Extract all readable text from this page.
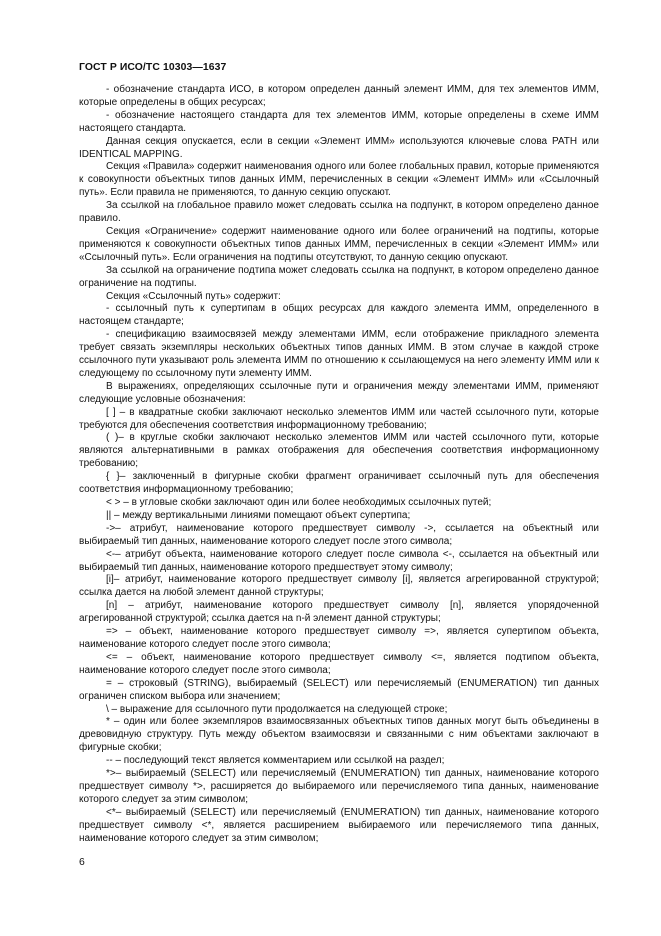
ГОСТ Р ИСО/ТС 10303—1637

- обозначение стандарта ИСО, в котором определен данный элемент ИММ, для тех элементов ИММ, которые определены в общих ресурсах;

- обозначение настоящего стандарта для тех элементов ИММ, которые определены в схеме ИММ настоящего стандарта.

Данная секция опускается, если в секции «Элемент ИММ» используются ключевые слова PATH или IDENTICAL MAPPING.

Секция «Правила» содержит наименования одного или более глобальных правил, которые применяются к совокупности объектных типов данных ИММ, перечисленных в секции «Элемент ИММ» или «Ссылочный путь». Если правила не применяются, то данную секцию опускают.

За ссылкой на глобальное правило может следовать ссылка на подпункт, в котором определено данное правило.

Секция «Ограничение» содержит наименование одного или более ограничений на подтипы, которые применяются к совокупности объектных типов данных ИММ, перечисленных в секции «Элемент ИММ» или «Ссылочный путь». Если ограничения на подтипы отсутствуют, то данную секцию опускают.

За ссылкой на ограничение подтипа может следовать ссылка на подпункт, в котором определено данное ограничение на подтипы.

Секция «Ссылочный путь» содержит:

- ссылочный путь к супертипам в общих ресурсах для каждого элемента ИММ, определенного в настоящем стандарте;

- спецификацию взаимосвязей между элементами ИММ, если отображение прикладного элемента требует связать экземпляры нескольких объектных типов данных ИММ. В этом случае в каждой строке ссылочного пути указывают роль элемента ИММ по отношению к ссылающемуся на него элементу ИММ или к следующему по ссылочному пути элементу ИММ.

В выражениях, определяющих ссылочные пути и ограничения между элементами ИММ, применяют следующие условные обозначения:

[ ] – в квадратные скобки заключают несколько элементов ИММ или частей ссылочного пути, которые требуются для обеспечения соответствия информационному требованию;

( )– в круглые скобки заключают несколько элементов ИММ или частей ссылочного пути, которые являются альтернативными в рамках отображения для обеспечения соответствия информационному требованию;

{ }– заключенный в фигурные скобки фрагмент ограничивает ссылочный путь для обеспечения соответствия информационному требованию;

< > – в угловые скобки заключают один или более необходимых ссылочных путей;

|| – между вертикальными линиями помещают объект супертипа;

->– атрибут, наименование которого предшествует символу ->, ссылается на объектный или выбираемый тип данных, наименование которого следует после этого символа;

<-– атрибут объекта, наименование которого следует после символа <-, ссылается на объектный или выбираемый тип данных, наименование которого предшествует этому символу;

[i]– атрибут, наименование которого предшествует символу [i], является агрегированной структурой; ссылка дается на любой элемент данной структуры;

[n] – атрибут, наименование которого предшествует символу [n], является упорядоченной агрегированной структурой; ссылка дается на n-й элемент данной структуры;

=> – объект, наименование которого предшествует символу =>, является супертипом объекта, наименование которого следует после этого символа;

<= – объект, наименование которого предшествует символу <=, является подтипом объекта, наименование которого следует после этого символа;

= – строковый (STRING), выбираемый (SELECT) или перечисляемый (ENUMERATION) тип данных ограничен списком выбора или значением;

\ – выражение для ссылочного пути продолжается на следующей строке;

* – один или более экземпляров взаимосвязанных объектных типов данных могут быть объединены в древовидную структуру. Путь между объектом взаимосвязи и связанными с ним объектами заключают в фигурные скобки;

-- – последующий текст является комментарием или ссылкой на раздел;

*>– выбираемый (SELECT) или перечисляемый (ENUMERATION) тип данных, наименование которого предшествует символу *>, расширяется до выбираемого или перечисляемого типа данных, наименование которого следует за этим символом;

<*– выбираемый (SELECT) или перечисляемый (ENUMERATION) тип данных, наименование которого предшествует символу <*, является расширением выбираемого или перечисляемого типа данных, наименование которого следует за этим символом;

6
